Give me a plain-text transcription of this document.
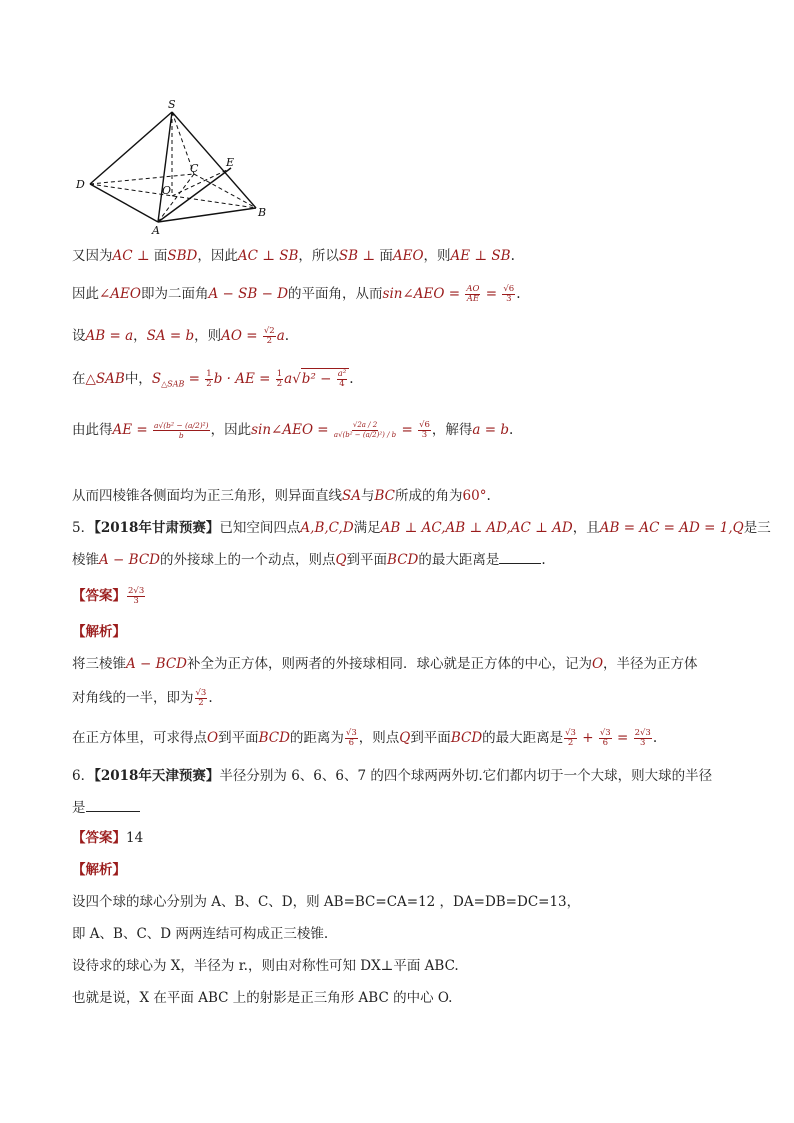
S
D
A
B
C	E
O
又因为AC ⊥ 面SBD，因此AC ⊥ SB，所以SB ⊥ 面AEO，则AE ⊥ SB.
因此∠AEO即为二面角A − SB − D的平面角，从而sin∠AEO = $\frac{AO}{AE} = \frac{√6}{3}$ .
设AB = a，SA = b，则AO = $\frac{√2}{2} a$.
在△SAB中，$S_{\triangle SAB} = \frac{1}{2}$ b · AE = $\frac{1}{2} a√b^2 - \frac{\text{a²}}{4}$ .
由此得AE = $\frac{\text{a√(b² − (a/2)²)}}{b}$ ，因此sin∠AEO = $\frac{√2a / 2}{\text{a√(b² − (a/2)²) / b}} = \frac{√6}{3}$ ，解得a = b.
从而四棱锥各侧面均为正三角形，则异面直线SA与BC所成的角为60°.
5．【2018年甘肃预赛】已知空间四点A,B,C,D满足AB ⊥ AC,AB ⊥ AD,AC ⊥ AD，且AB = AC = AD = 1,Q是三
棱锥A − BCD的外接球上的一个动点，则点Q到平面BCD的最大距离是	.
【答案】 $\frac{2√3}{3}$
【解析】
将三棱锥A − BCD补全为正方体，则两者的外接球相同．球心就是正方体的中心，记为O，半径为正方体
对角线的一半，即为 $\frac{√3}{2}$ .
在正方体里，可求得点O到平面BCD的距离为 $\frac{√3}{6}$ ，则点Q到平面BCD的最大距离是 $\frac{√3}{2} + \frac{√3}{6} = \frac{2√3}{3}$ .
6．【2018年天津预赛】半径分别为 6、6、6、7 的四个球两两外切.它们都内切于一个大球，则大球的半径
是
【答案】14
【解析】
设四个球的球心分别为 A、B、C、D，则 AB=BC=CA=12 ，DA=DB=DC=13，
即 A、B、C、D 两两连结可构成正三棱锥.
设待求的球心为 X，半径为 r.，则由对称性可知 DX⊥平面 ABC.
也就是说，X 在平面 ABC 上的射影是正三角形 ABC 的中心 O.
